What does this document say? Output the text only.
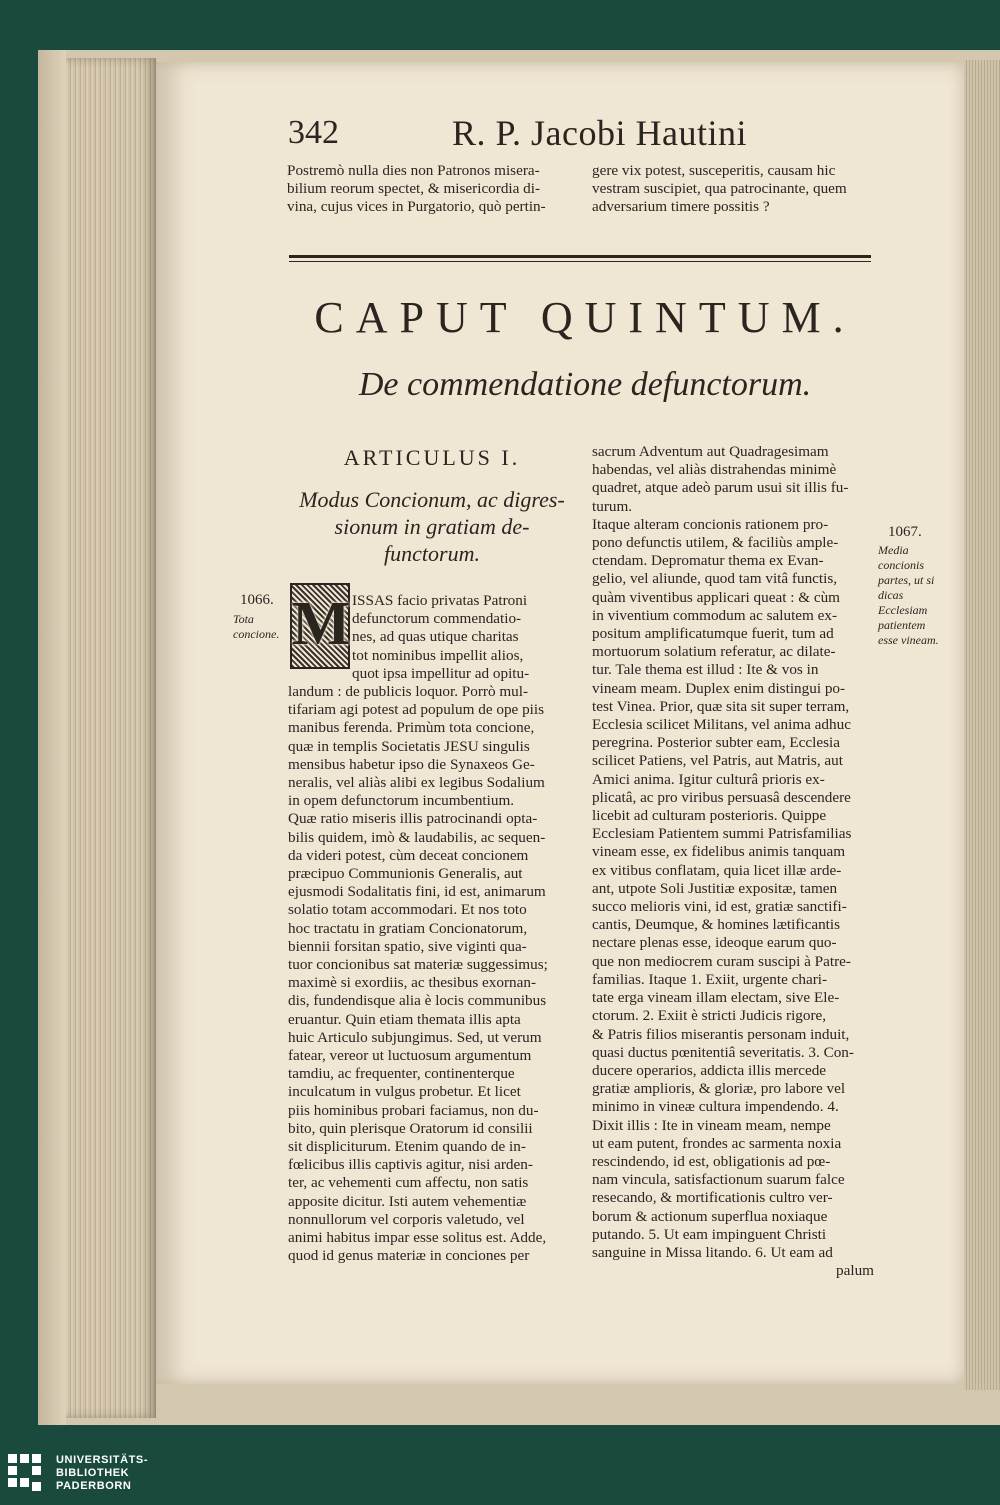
342	R. P. Jacobi Hautini

Postremò nulla dies non Patronos misera-

bilium reorum spectet, & misericordia di-

vina, cujus vices in Purgatorio, quò pertin-

gere vix potest, susceperitis, causam hic

vestram suscipiet, qua patrocinante, quem

adversarium timere possitis ?

CAPUT QUINTUM.
De commendatione defunctorum.
ARTICULUS I.
Modus Concionum, ac digres-
sionum in gratiam de-
functorum.
1066.
Tota concione.
1067.
Media concionis partes, ut si dicas Ecclesiam patientem esse vineam.
M ISSAS facio privatas Patroni

defunctorum commendatio-

nes, ad quas utique charitas

tot nominibus impellit alios,

quot ipsa impellitur ad opitu-

landum : de publicis loquor. Porrò mul-

tifariam agi potest ad populum de ope piis

manibus ferenda. Primùm tota concione,

quæ in templis Societatis JESU singulis

mensibus habetur ipso die Synaxeos Ge-

neralis, vel aliàs alibi ex legibus Sodalium

in opem defunctorum incumbentium.

Quæ ratio miseris illis patrocinandi opta-

bilis quidem, imò & laudabilis, ac sequen-

da videri potest, cùm deceat concionem

præcipuo Communionis Generalis, aut

ejusmodi Sodalitatis fini, id est, animarum

solatio totam accommodari. Et nos toto

hoc tractatu in gratiam Concionatorum,

biennii forsitan spatio, sive viginti qua-

tuor concionibus sat materiæ suggessimus;

maximè si exordiis, ac thesibus exornan-

dis, fundendisque alia è locis communibus

eruantur. Quin etiam themata illis apta

huic Articulo subjungimus. Sed, ut verum

fatear, vereor ut luctuosum argumentum

tamdiu, ac frequenter, continenterque

inculcatum in vulgus probetur. Et licet

piis hominibus probari faciamus, non du-

bito, quin plerisque Oratorum id consilii

sit displiciturum. Etenim quando de in-

fœlicibus illis captivis agitur, nisi arden-

ter, ac vehementi cum affectu, non satis

apposite dicitur. Isti autem vehementiæ

nonnullorum vel corporis valetudo, vel

animi habitus impar esse solitus est. Adde,

quod id genus materiæ in conciones per

sacrum Adventum aut Quadragesimam

habendas, vel aliàs distrahendas minimè

quadret, atque adeò parum usui sit illis fu-

turum.

Itaque alteram concionis rationem pro-

pono defunctis utilem, & faciliùs ample-

ctendam. Depromatur thema ex Evan-

gelio, vel aliunde, quod tam vitâ functis,

quàm viventibus applicari queat : & cùm

in viventium commodum ac salutem ex-

positum amplificatumque fuerit, tum ad

mortuorum solatium referatur, ac dilate-

tur. Tale thema est illud : Ite & vos in

vineam meam. Duplex enim distingui po-

test Vinea. Prior, quæ sita sit super terram,

Ecclesia scilicet Militans, vel anima adhuc

peregrina. Posterior subter eam, Ecclesia

scilicet Patiens, vel Patris, aut Matris, aut

Amici anima. Igitur culturâ prioris ex-

plicatâ, ac pro viribus persuasâ descendere

licebit ad culturam posterioris. Quippe

Ecclesiam Patientem summi Patrisfamilias

vineam esse, ex fidelibus animis tanquam

ex vitibus conflatam, quia licet illæ arde-

ant, utpote Soli Justitiæ expositæ, tamen

succo melioris vini, id est, gratiæ sanctifi-

cantis, Deumque, & homines lætificantis

nectare plenas esse, ideoque earum quo-

que non mediocrem curam suscipi à Patre-

familias. Itaque 1. Exiit, urgente chari-

tate erga vineam illam electam, sive Ele-

ctorum. 2. Exiit è stricti Judicis rigore,

& Patris filios miserantis personam induit,

quasi ductus pœnitentiâ severitatis. 3. Con-

ducere operarios, addicta illis mercede

gratiæ amplioris, & gloriæ, pro labore vel

minimo in vineæ cultura impendendo. 4.

Dixit illis : Ite in vineam meam, nempe

ut eam putent, frondes ac sarmenta noxia

rescindendo, id est, obligationis ad pœ-

nam vincula, satisfactionum suarum falce

resecando, & mortificationis cultro ver-

borum & actionum superflua noxiaque

putando. 5. Ut eam impinguent Christi

sanguine in Missa litando. 6. Ut eam ad

palum

UNIVERSITÄTS-
BIBLIOTHEK
PADERBORN
